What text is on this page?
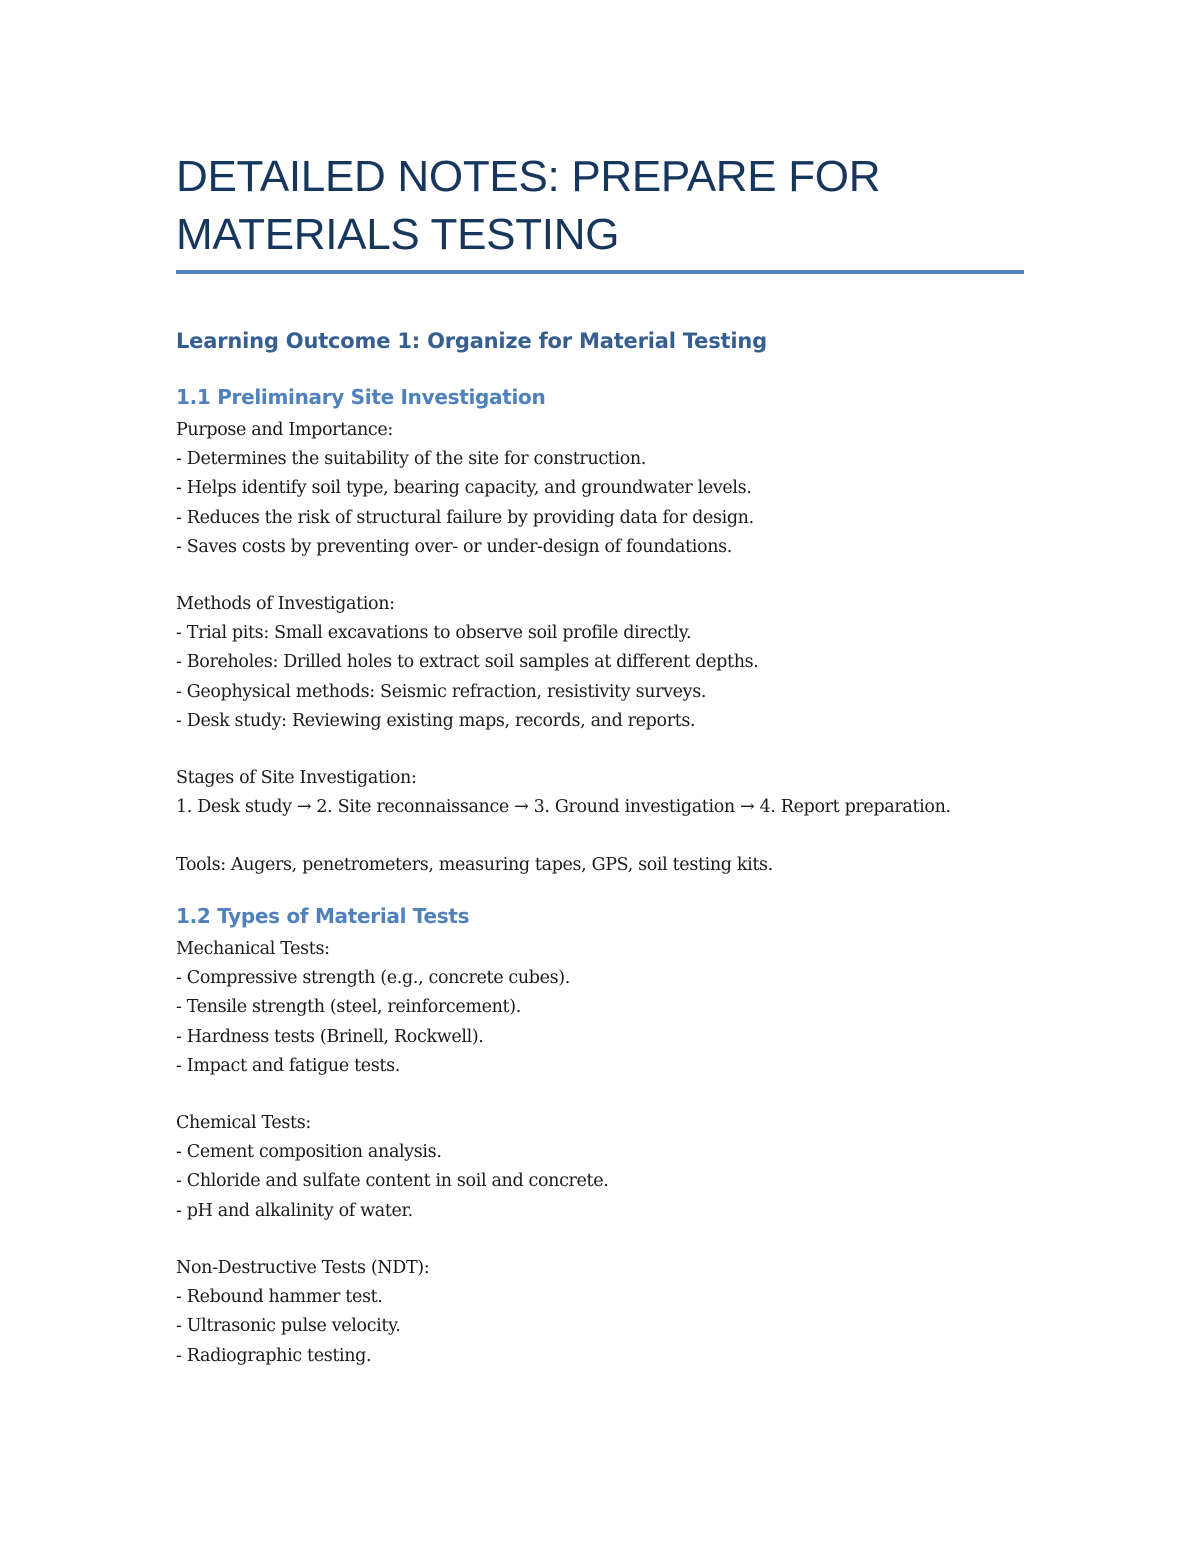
DETAILED NOTES: PREPARE FOR
MATERIALS TESTING
Learning Outcome 1: Organize for Material Testing
1.1 Preliminary Site Investigation
Purpose and Importance:
- Determines the suitability of the site for construction.
- Helps identify soil type, bearing capacity, and groundwater levels.
- Reduces the risk of structural failure by providing data for design.
- Saves costs by preventing over- or under-design of foundations.
Methods of Investigation:
- Trial pits: Small excavations to observe soil profile directly.
- Boreholes: Drilled holes to extract soil samples at different depths.
- Geophysical methods: Seismic refraction, resistivity surveys.
- Desk study: Reviewing existing maps, records, and reports.
Stages of Site Investigation:
1. Desk study → 2. Site reconnaissance → 3. Ground investigation → 4. Report preparation.
Tools: Augers, penetrometers, measuring tapes, GPS, soil testing kits.
1.2 Types of Material Tests
Mechanical Tests:
- Compressive strength (e.g., concrete cubes).
- Tensile strength (steel, reinforcement).
- Hardness tests (Brinell, Rockwell).
- Impact and fatigue tests.
Chemical Tests:
- Cement composition analysis.
- Chloride and sulfate content in soil and concrete.
- pH and alkalinity of water.
Non-Destructive Tests (NDT):
- Rebound hammer test.
- Ultrasonic pulse velocity.
- Radiographic testing.
